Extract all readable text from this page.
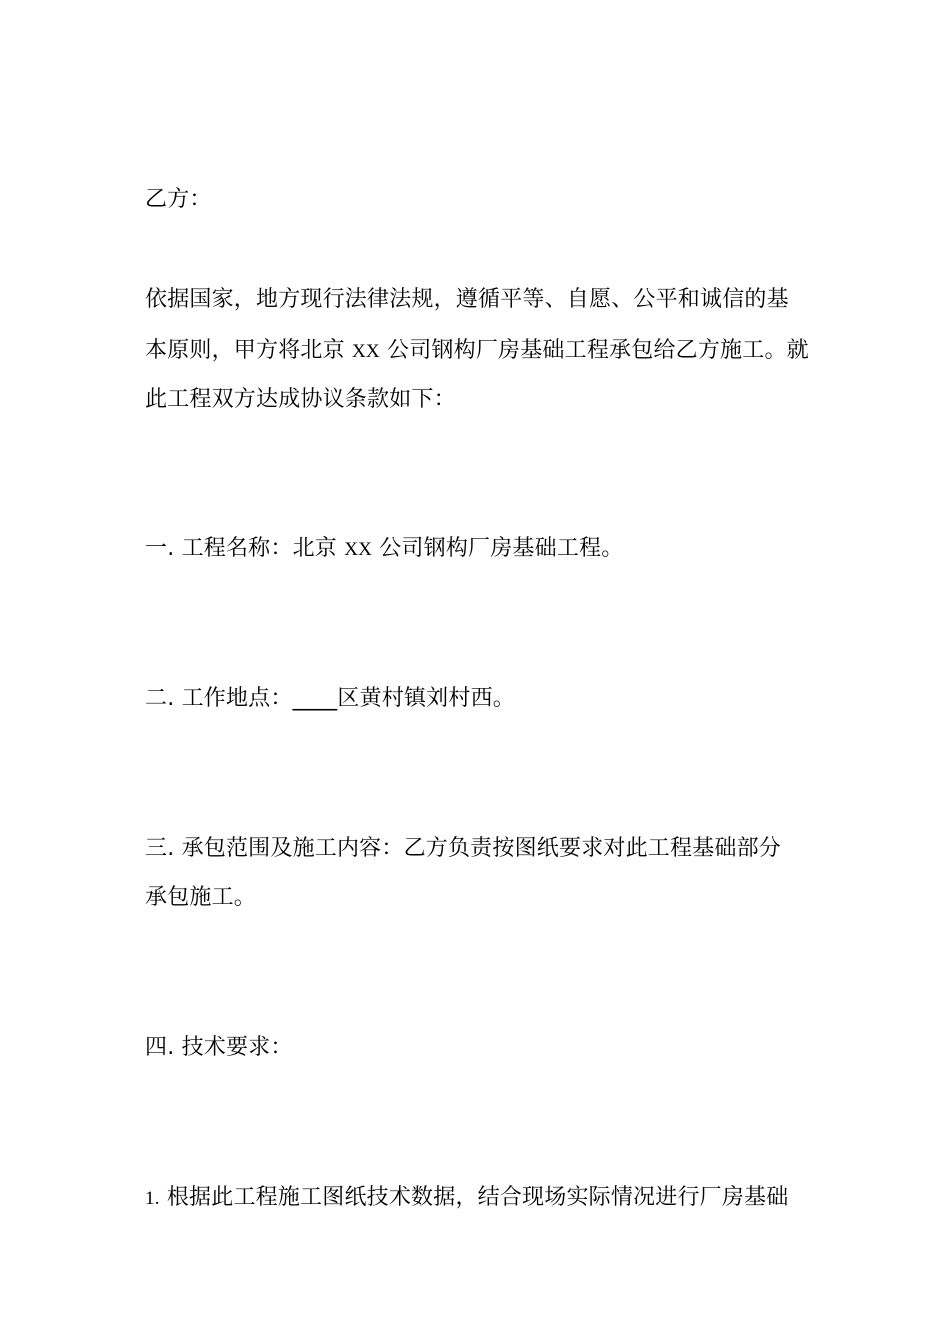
乙方：
依据国家，地方现行法律法规，遵循平等、自愿、公平和诚信的基
本原则，甲方将北京 XX 公司钢构厂房基础工程承包给乙方施工。就
此工程双方达成协议条款如下：
一. 工程名称：北京 XX 公司钢构厂房基础工程。
二. 工作地点：____区黄村镇刘村西。
三. 承包范围及施工内容：乙方负责按图纸要求对此工程基础部分
承包施工。
四. 技术要求：
1. 根据此工程施工图纸技术数据，结合现场实际情况进行厂房基础
